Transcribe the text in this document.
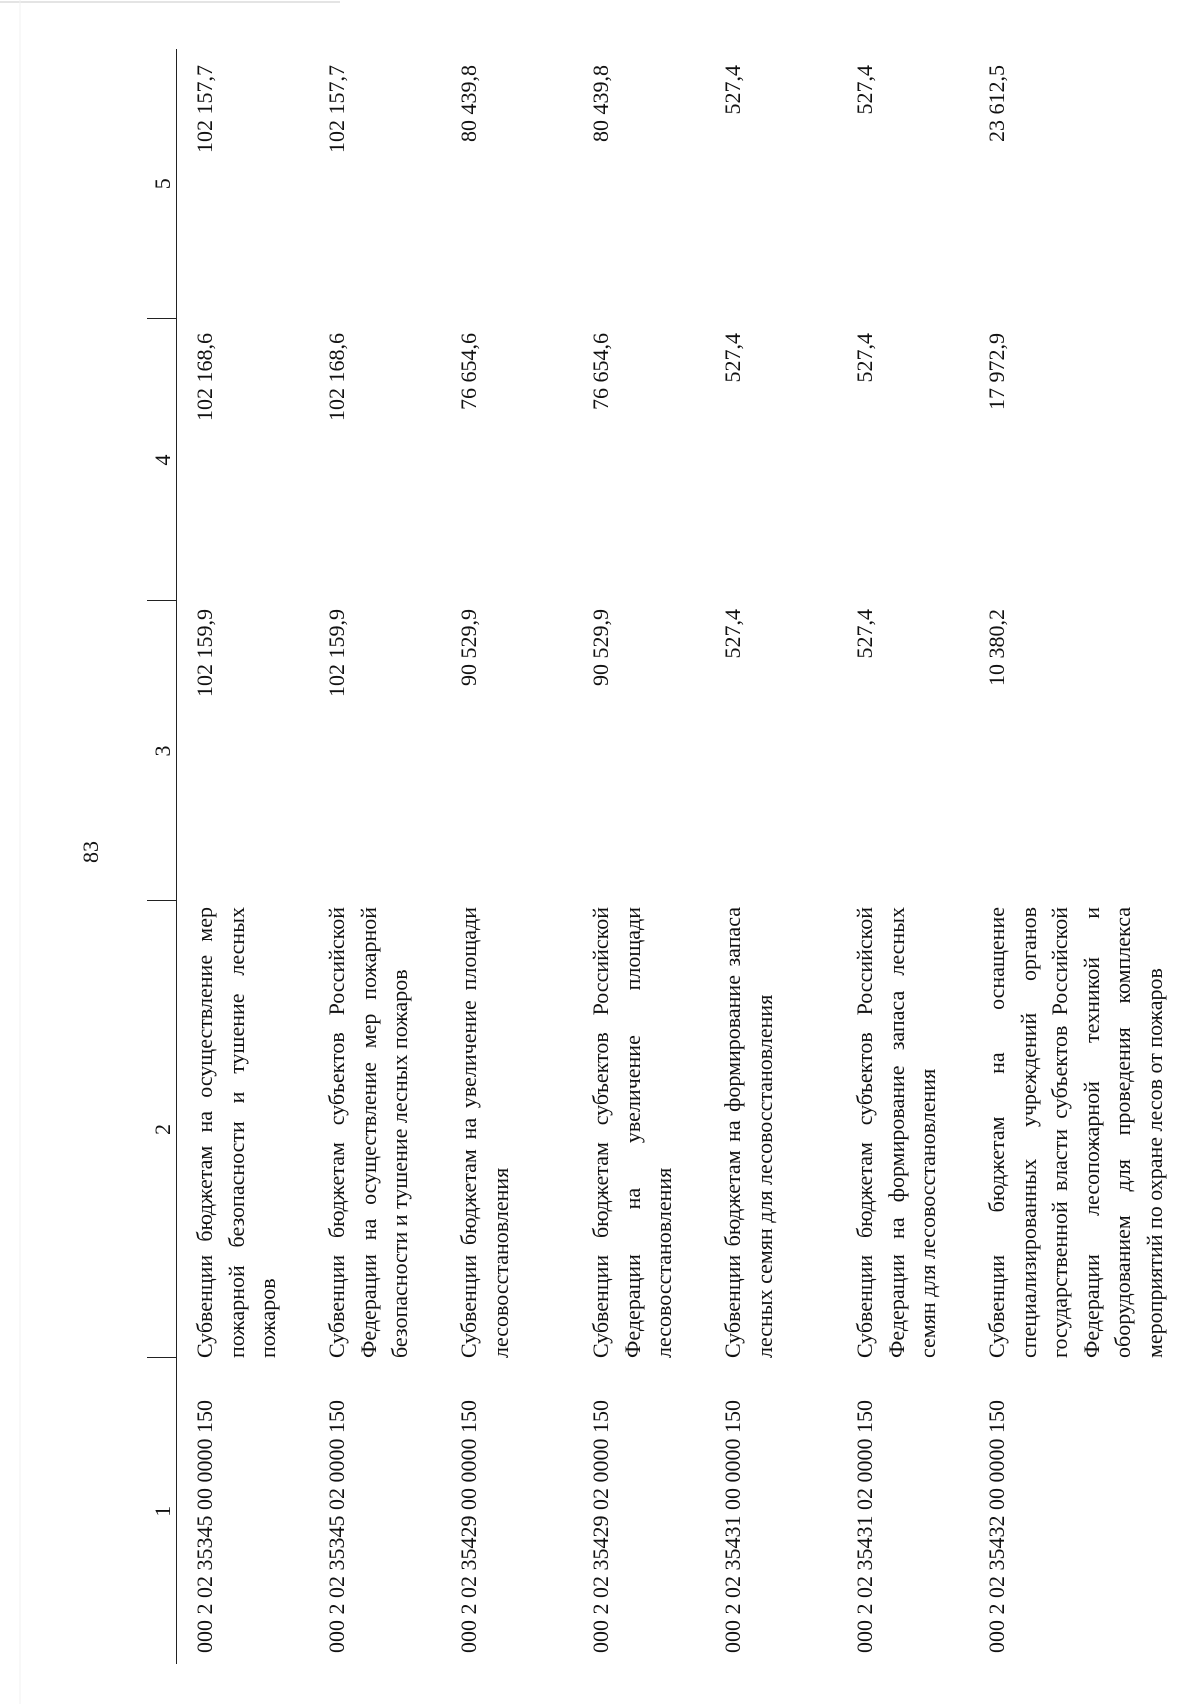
83
1	2	3	4	5
000 2 02 35345 00 0000 150	Субвенции бюджетам на осуществление мер пожарной безопасности и тушение лесных пожаров	102 159,9	102 168,6	102 157,7
000 2 02 35345 02 0000 150	Субвенции бюджетам субъектов Российской Федерации на осуществление мер пожарной безопасности и тушение лесных пожаров	102 159,9	102 168,6	102 157,7
000 2 02 35429 00 0000 150	Субвенции бюджетам на увеличение площади лесовосстановления	90 529,9	76 654,6	80 439,8
000 2 02 35429 02 0000 150	Субвенции бюджетам субъектов Российской Федерации на увеличение площади лесовосстановления	90 529,9	76 654,6	80 439,8
000 2 02 35431 00 0000 150	Субвенции бюджетам на формирование запаса лесных семян для лесовосстановления	527,4	527,4	527,4
000 2 02 35431 02 0000 150	Субвенции бюджетам субъектов Российской Федерации на формирование запаса лесных семян для лесовосстановления	527,4	527,4	527,4
000 2 02 35432 00 0000 150	Субвенции бюджетам на оснащение специализированных учреждений органов государственной власти субъектов Российской Федерации лесопожарной техникой и оборудованием для проведения комплекса мероприятий по охране лесов от пожаров	10 380,2	17 972,9	23 612,5
